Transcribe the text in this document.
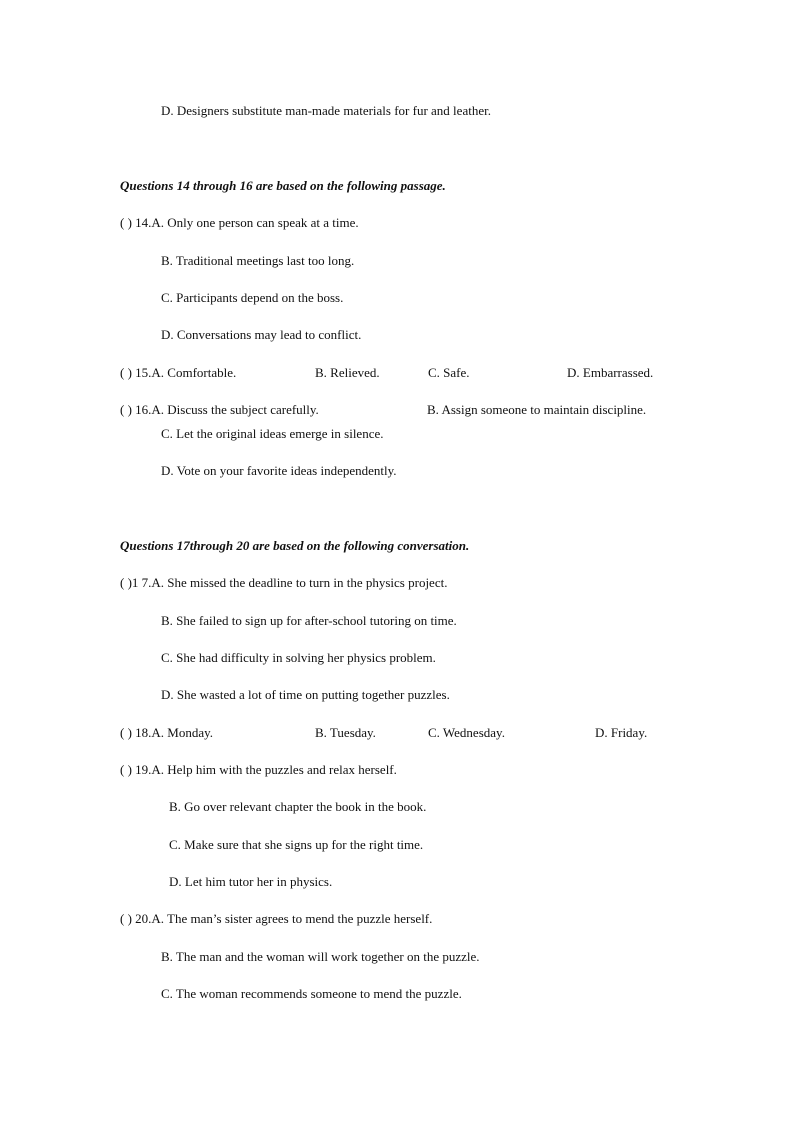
D. Designers substitute man-made materials for fur and leather.
Questions 14 through 16 are based on the following passage.
( ) 14.A. Only one person can speak at a time.
B. Traditional meetings last too long.
C. Participants depend on the boss.
D. Conversations may lead to conflict.
( ) 15.A. Comfortable.	B. Relieved.	C. Safe.	D. Embarrassed.
( ) 16.A. Discuss the subject carefully.	B. Assign someone to maintain discipline.
C. Let the original ideas emerge in silence.
D. Vote on your favorite ideas independently.
Questions 17through 20 are based on the following conversation.
( )1 7.A. She missed the deadline to turn in the physics project.
B. She failed to sign up for after-school tutoring on time.
C. She had difficulty in solving her physics problem.
D. She wasted a lot of time on putting together puzzles.
( ) 18.A. Monday.	B. Tuesday.	C. Wednesday.	D. Friday.
( ) 19.A. Help him with the puzzles and relax herself.
B. Go over relevant chapter the book in the book.
C. Make sure that she signs up for the right time.
D. Let him tutor her in physics.
( ) 20.A. The man’s sister agrees to mend the puzzle herself.
B. The man and the woman will work together on the puzzle.
C. The woman recommends someone to mend the puzzle.
